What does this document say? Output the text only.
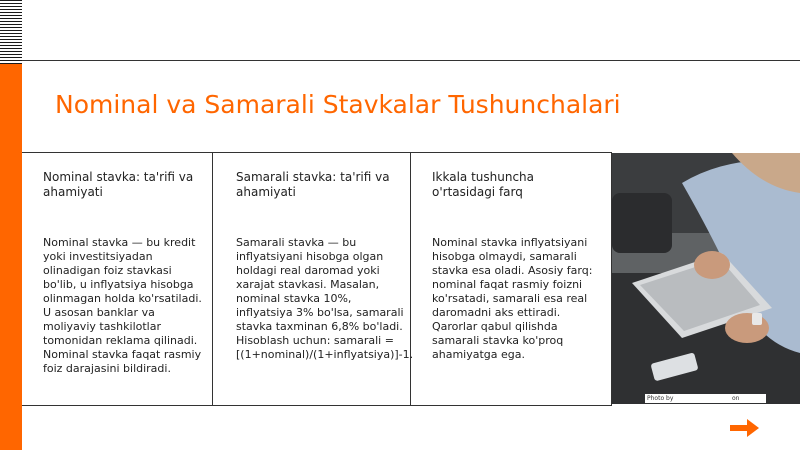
Nominal va Samarali Stavkalar Tushunchalari
Nominal stavka: ta'rifi va ahamiyati
Nominal stavka — bu kredit yoki investitsiyadan olinadigan foiz stavkasi bo'lib, u inflyatsiya hisobga olinmagan holda ko'rsatiladi. U asosan banklar va moliyaviy tashkilotlar tomonidan reklama qilinadi. Nominal stavka faqat rasmiy foiz darajasini bildiradi.
Samarali stavka: ta'rifi va ahamiyati
Samarali stavka — bu inflyatsiyani hisobga olgan holdagi real daromad yoki xarajat stavkasi. Masalan, nominal stavka 10%, inflyatsiya 3% bo'lsa, samarali stavka taxminan 6,8% bo'ladi. Hisoblash uchun: samarali = [(1+nominal)/(1+inflyatsiya)]-1.
Ikkala tushuncha o'rtasidagi farq
Nominal stavka inflyatsiyani hisobga olmaydi, samarali stavka esa oladi. Asosiy farq: nominal faqat rasmiy foizni ko'rsatadi, samarali esa real daromadni aks ettiradi. Qarorlar qabul qilishda samarali stavka ko'proq ahamiyatga ega.
Photo by	on
